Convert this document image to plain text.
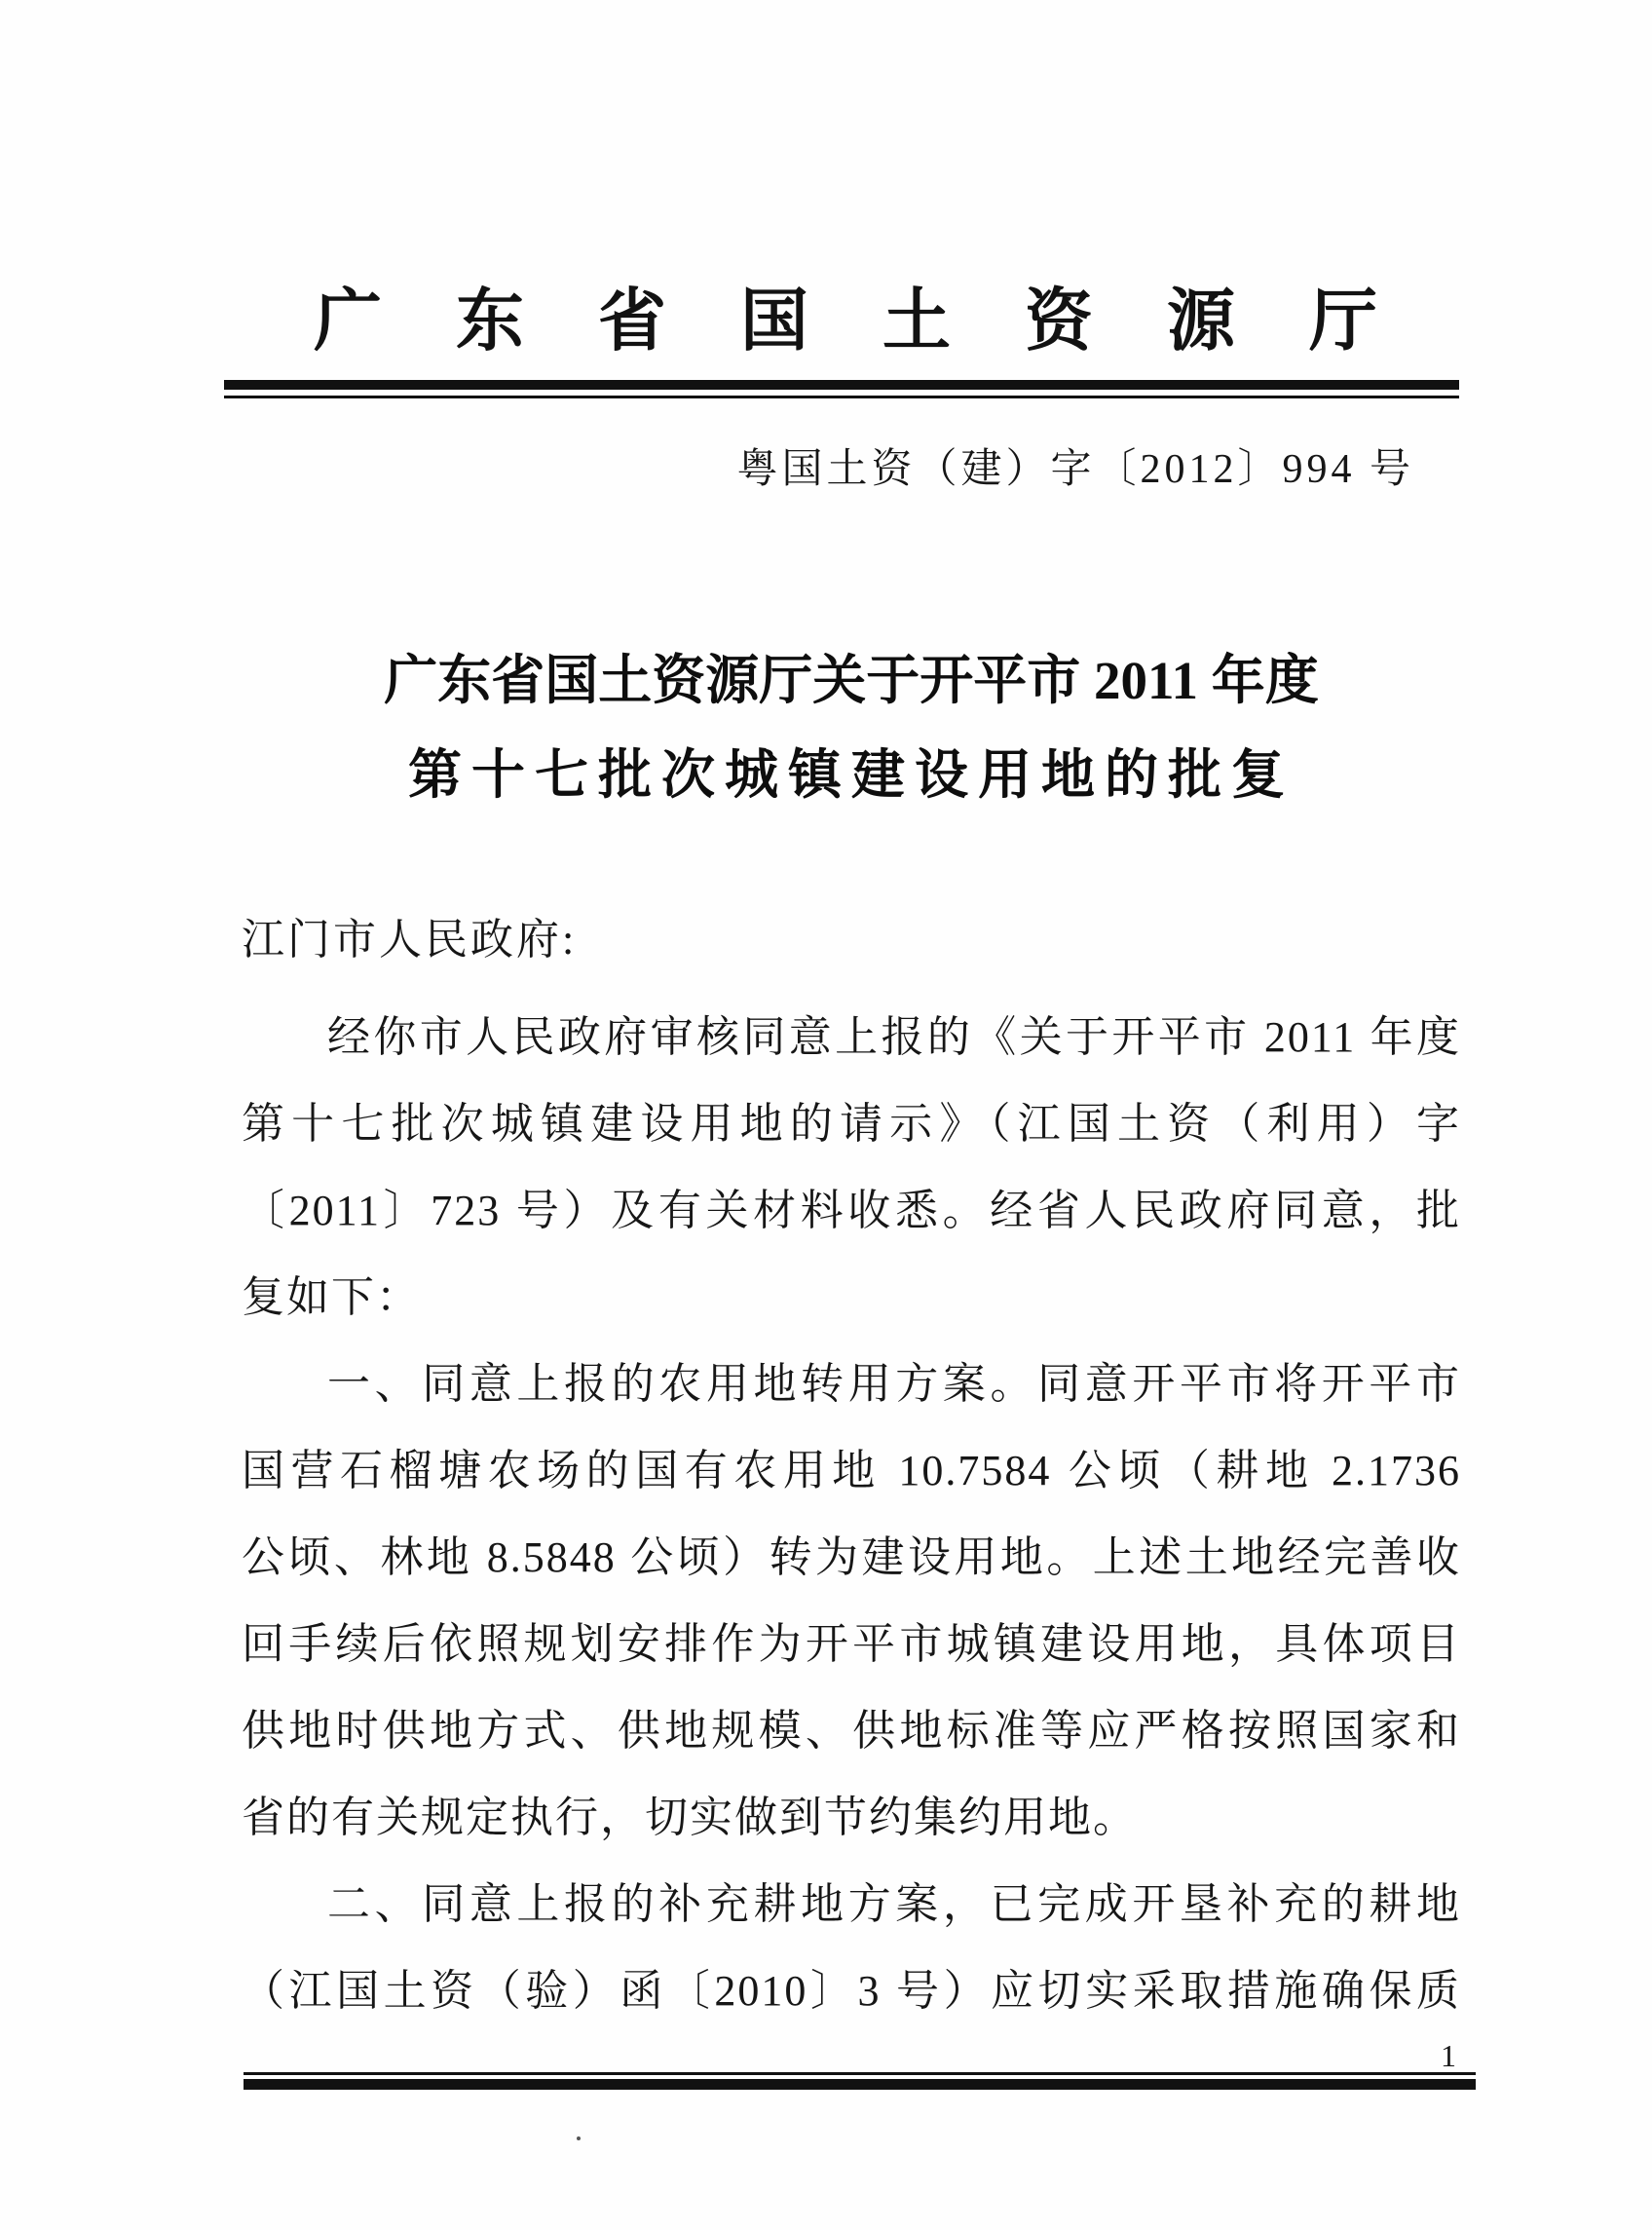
广东省国土资源厅
粤国土资（建）字〔2012〕994 号
广东省国土资源厅关于开平市 2011 年度
第十七批次城镇建设用地的批复
江门市人民政府:
经你市人民政府审核同意上报的《关于开平市 2011 年度
第十七批次城镇建设用地的请示》（江国土资（利用）字
〔2011〕723 号）及有关材料收悉。经省人民政府同意，批
复如下：
一、同意上报的农用地转用方案。同意开平市将开平市
国营石榴塘农场的国有农用地 10.7584 公顷（耕地 2.1736
公顷、林地 8.5848 公顷）转为建设用地。上述土地经完善收
回手续后依照规划安排作为开平市城镇建设用地，具体项目
供地时供地方式、供地规模、供地标准等应严格按照国家和
省的有关规定执行，切实做到节约集约用地。
二、同意上报的补充耕地方案，已完成开垦补充的耕地
（江国土资（验）函〔2010〕3 号）应切实采取措施确保质
1
